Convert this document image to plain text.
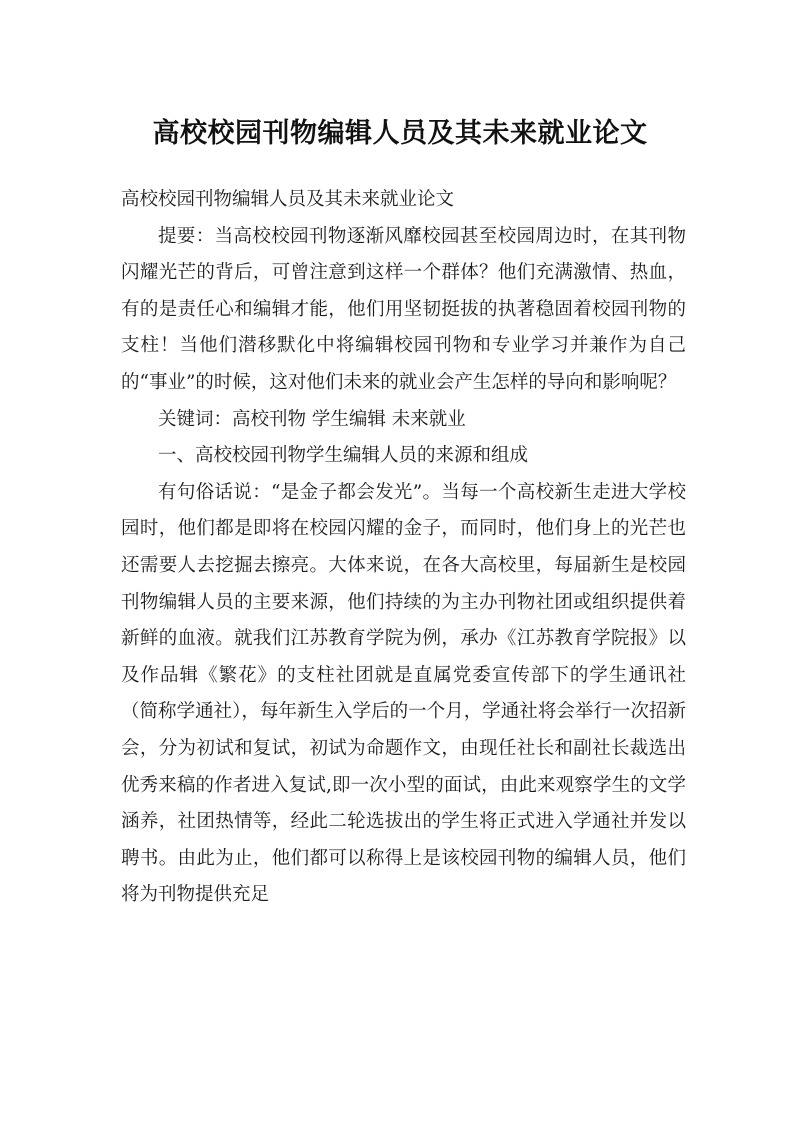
高校校园刊物编辑人员及其未来就业论文

高校校园刊物编辑人员及其未来就业论文

提要：当高校校园刊物逐渐风靡校园甚至校园周边时，在其刊物闪耀光芒的背后，可曾注意到这样一个群体？他们充满激情、热血，有的是责任心和编辑才能，他们用坚韧挺拔的执著稳固着校园刊物的支柱！当他们潜移默化中将编辑校园刊物和专业学习并兼作为自己的“事业”的时候，这对他们未来的就业会产生怎样的导向和影响呢？

关键词：高校刊物 学生编辑 未来就业

一、高校校园刊物学生编辑人员的来源和组成

有句俗话说：“是金子都会发光”。当每一个高校新生走进大学校园时，他们都是即将在校园闪耀的金子，而同时，他们身上的光芒也还需要人去挖掘去擦亮。大体来说，在各大高校里，每届新生是校园刊物编辑人员的主要来源，他们持续的为主办刊物社团或组织提供着新鲜的血液。就我们江苏教育学院为例，承办《江苏教育学院报》以及作品辑《繁花》的支柱社团就是直属党委宣传部下的学生通讯社（简称学通社），每年新生入学后的一个月，学通社将会举行一次招新会，分为初试和复试，初试为命题作文，由现任社长和副社长裁选出优秀来稿的作者进入复试,即一次小型的面试，由此来观察学生的文学涵养，社团热情等，经此二轮选拔出的学生将正式进入学通社并发以聘书。由此为止，他们都可以称得上是该校园刊物的编辑人员，他们将为刊物提供充足
